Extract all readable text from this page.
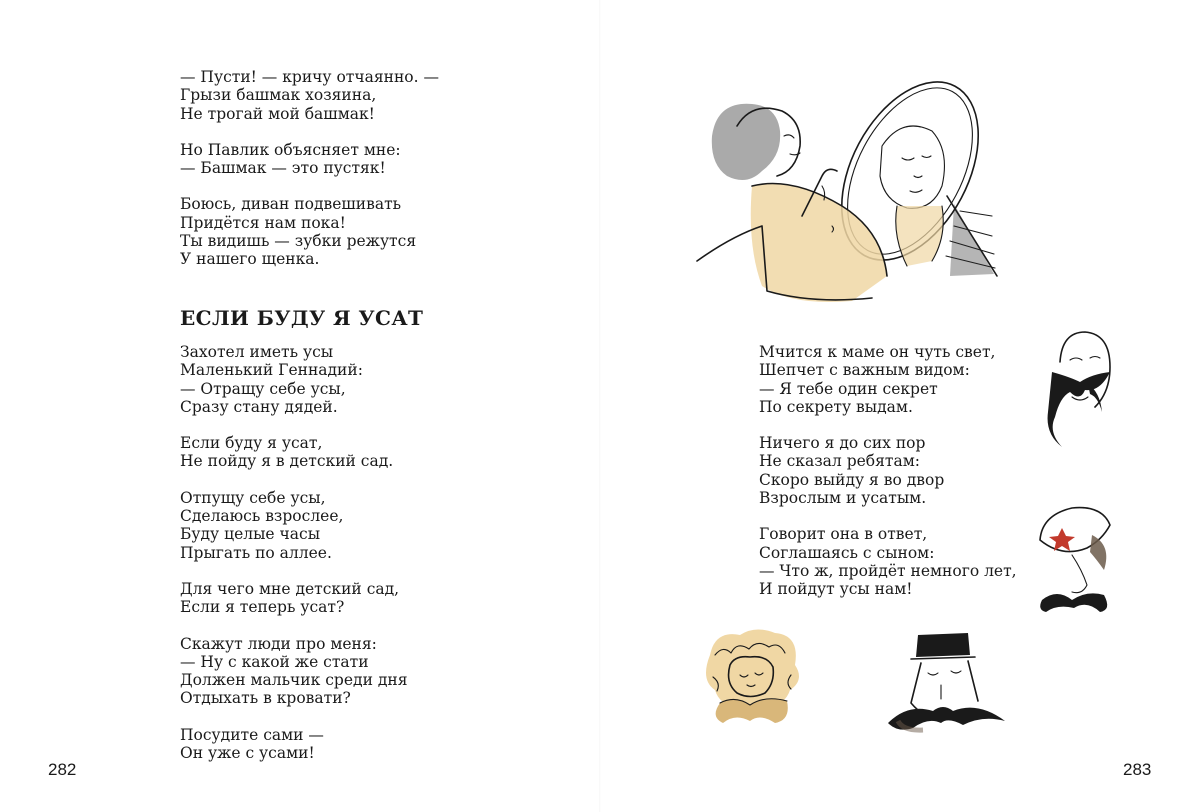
— Пусти! — кричу отчаянно. —
Грызи башмак хозяина,
Не трогай мой башмак!

Но Павлик объясняет мне:
— Башмак — это пустяк!

Боюсь, диван подвешивать
Придётся нам пока!
Ты видишь — зубки режутся
У нашего щенка.

ЕСЛИ БУДУ Я УСАТ

Захотел иметь усы
Маленький Геннадий:
— Отращу себе усы,
Сразу стану дядей.

Если буду я усат,
Не пойду я в детский сад.

Отпущу себе усы,
Сделаюсь взрослее,
Буду целые часы
Прыгать по аллее.

Для чего мне детский сад,
Если я теперь усат?

Скажут люди про меня:
— Ну с какой же стати
Должен мальчик среди дня
Отдыхать в кровати?

Посудите сами —
Он уже с усами!

282

Мчится к маме он чуть свет,
Шепчет с важным видом:
— Я тебе один секрет
По секрету выдам.

Ничего я до сих пор
Не сказал ребятам:
Скоро выйду я во двор
Взрослым и усатым.

Говорит она в ответ,
Соглашаясь с сыном:
— Что ж, пройдёт немного лет,
И пойдут усы нам!

283
